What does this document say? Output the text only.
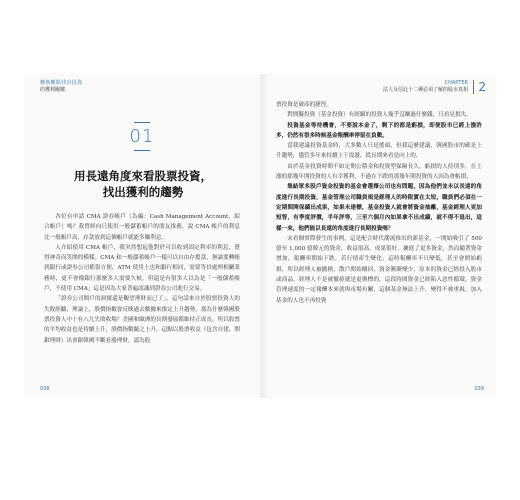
轉換觀點找出投資
的獲利關鍵
01
用長遠角度來看股票投資，
找出獲利的趨勢

各位有申請 CMA 證券帳戶（為編：Cash Management Account，綜合帳戶）嗎？我曾經向只使用一般儲蓄帳戶的朋友推薦，說 CMA 帳戶的利息比一般帳戶高，存款放到這個帳戶就能多賺利息。

人介紹使用 CMA 帳戶，我突然想起他對於可以收到固定利率的利息，覺得神奇而笑開的模樣。CMA 和一般儲蓄帳戶一樣可以自由存提款，無論要轉帳到銀行或證券公司都很方便，ATM 使用上也和銀行相同，需要等員處理相關業務時，更不會像銀行那麼多人需要久候，但還是有很多人以為是「一般儲蓄帳戶，不使用 CMA」這是因為大家普遍認識到證券公司進行交易。

「證券公司開戶的洞窺還是觀望理財而已了」，這句話來自於股票投資人的失敗經驗，理論上，股價指數會反映過去數據來推定上升趨勢，那為什麼韓國股票投資人中十有八九失敗收場？美國和歐洲的長期發展都維持正成長，所以股票的平均收益也是持續上升，股價指數隨之上升，這點以股票收益（包含自建、開銀理財）出會跟韓國不斷看漲理財，認為股

038
CHAPTER
法人及信託十二種必須了解的股市真相 2

票投資是破產的捷徑。

對開擬投資（基金投資）有經驗的投資人幾乎沒賺過什麼錢，只看見損失。

投資基金等待機會，不要說本金了，剩下的都是虧損，即便股市已經上漲許多，仍然有很多時候基金報酬率停留在負數。

當我建議投資基金時，大多數人只是搖頭，但我這麼建議，韓國股市的確是上升趨勢，儘管多年來持續上下震盪，從長期來看是向上的。

由於基金投資時間不如定期公積金和投資型保險長久，虧損的人持別多，在上漲的那幾年開投資的人有幸獲利，不過在下跌的那幾年開投資的人因為會虧損，

集結眾多股戶資金投資的基金會選擇公司也有問題，因為他們並未以長遠的角度進行長期投資，基金管理公司職員規是經理人的時限實在太短，職員們必須在一定期間開保績出成果，如果未達標，基金投資人就會將資金抽離，基金經理人更加短智，有季度評價，半年評等，三至六個月內如果拿不出成績，就不得不退出，這樣一來，他們能以長遠的角度進行長期投資嗎？

宋看個實際發生的事例，這是配合時代潮流推出的新基金，一開始吸引了 500 億至 1,000 億韓元的資金，收益很高，成果很好，擴進了更多資金，然而隨著資金增加，報酬率開始下跌，若行情產生變化，這時報酬率不只變低，甚至會開始虧損，所以經理人被撤換，散戶開始贖回，資金漸漸變少，原本的資金已經投入股市或商品，經理人不是被撤掉就是更換標的，這段時間資金已經陷入惡性循環，資金管理速度的一定報酬本來就與市場有關，這個基金無法上升，變得不被重視，加入基金的人也不再投資

039
